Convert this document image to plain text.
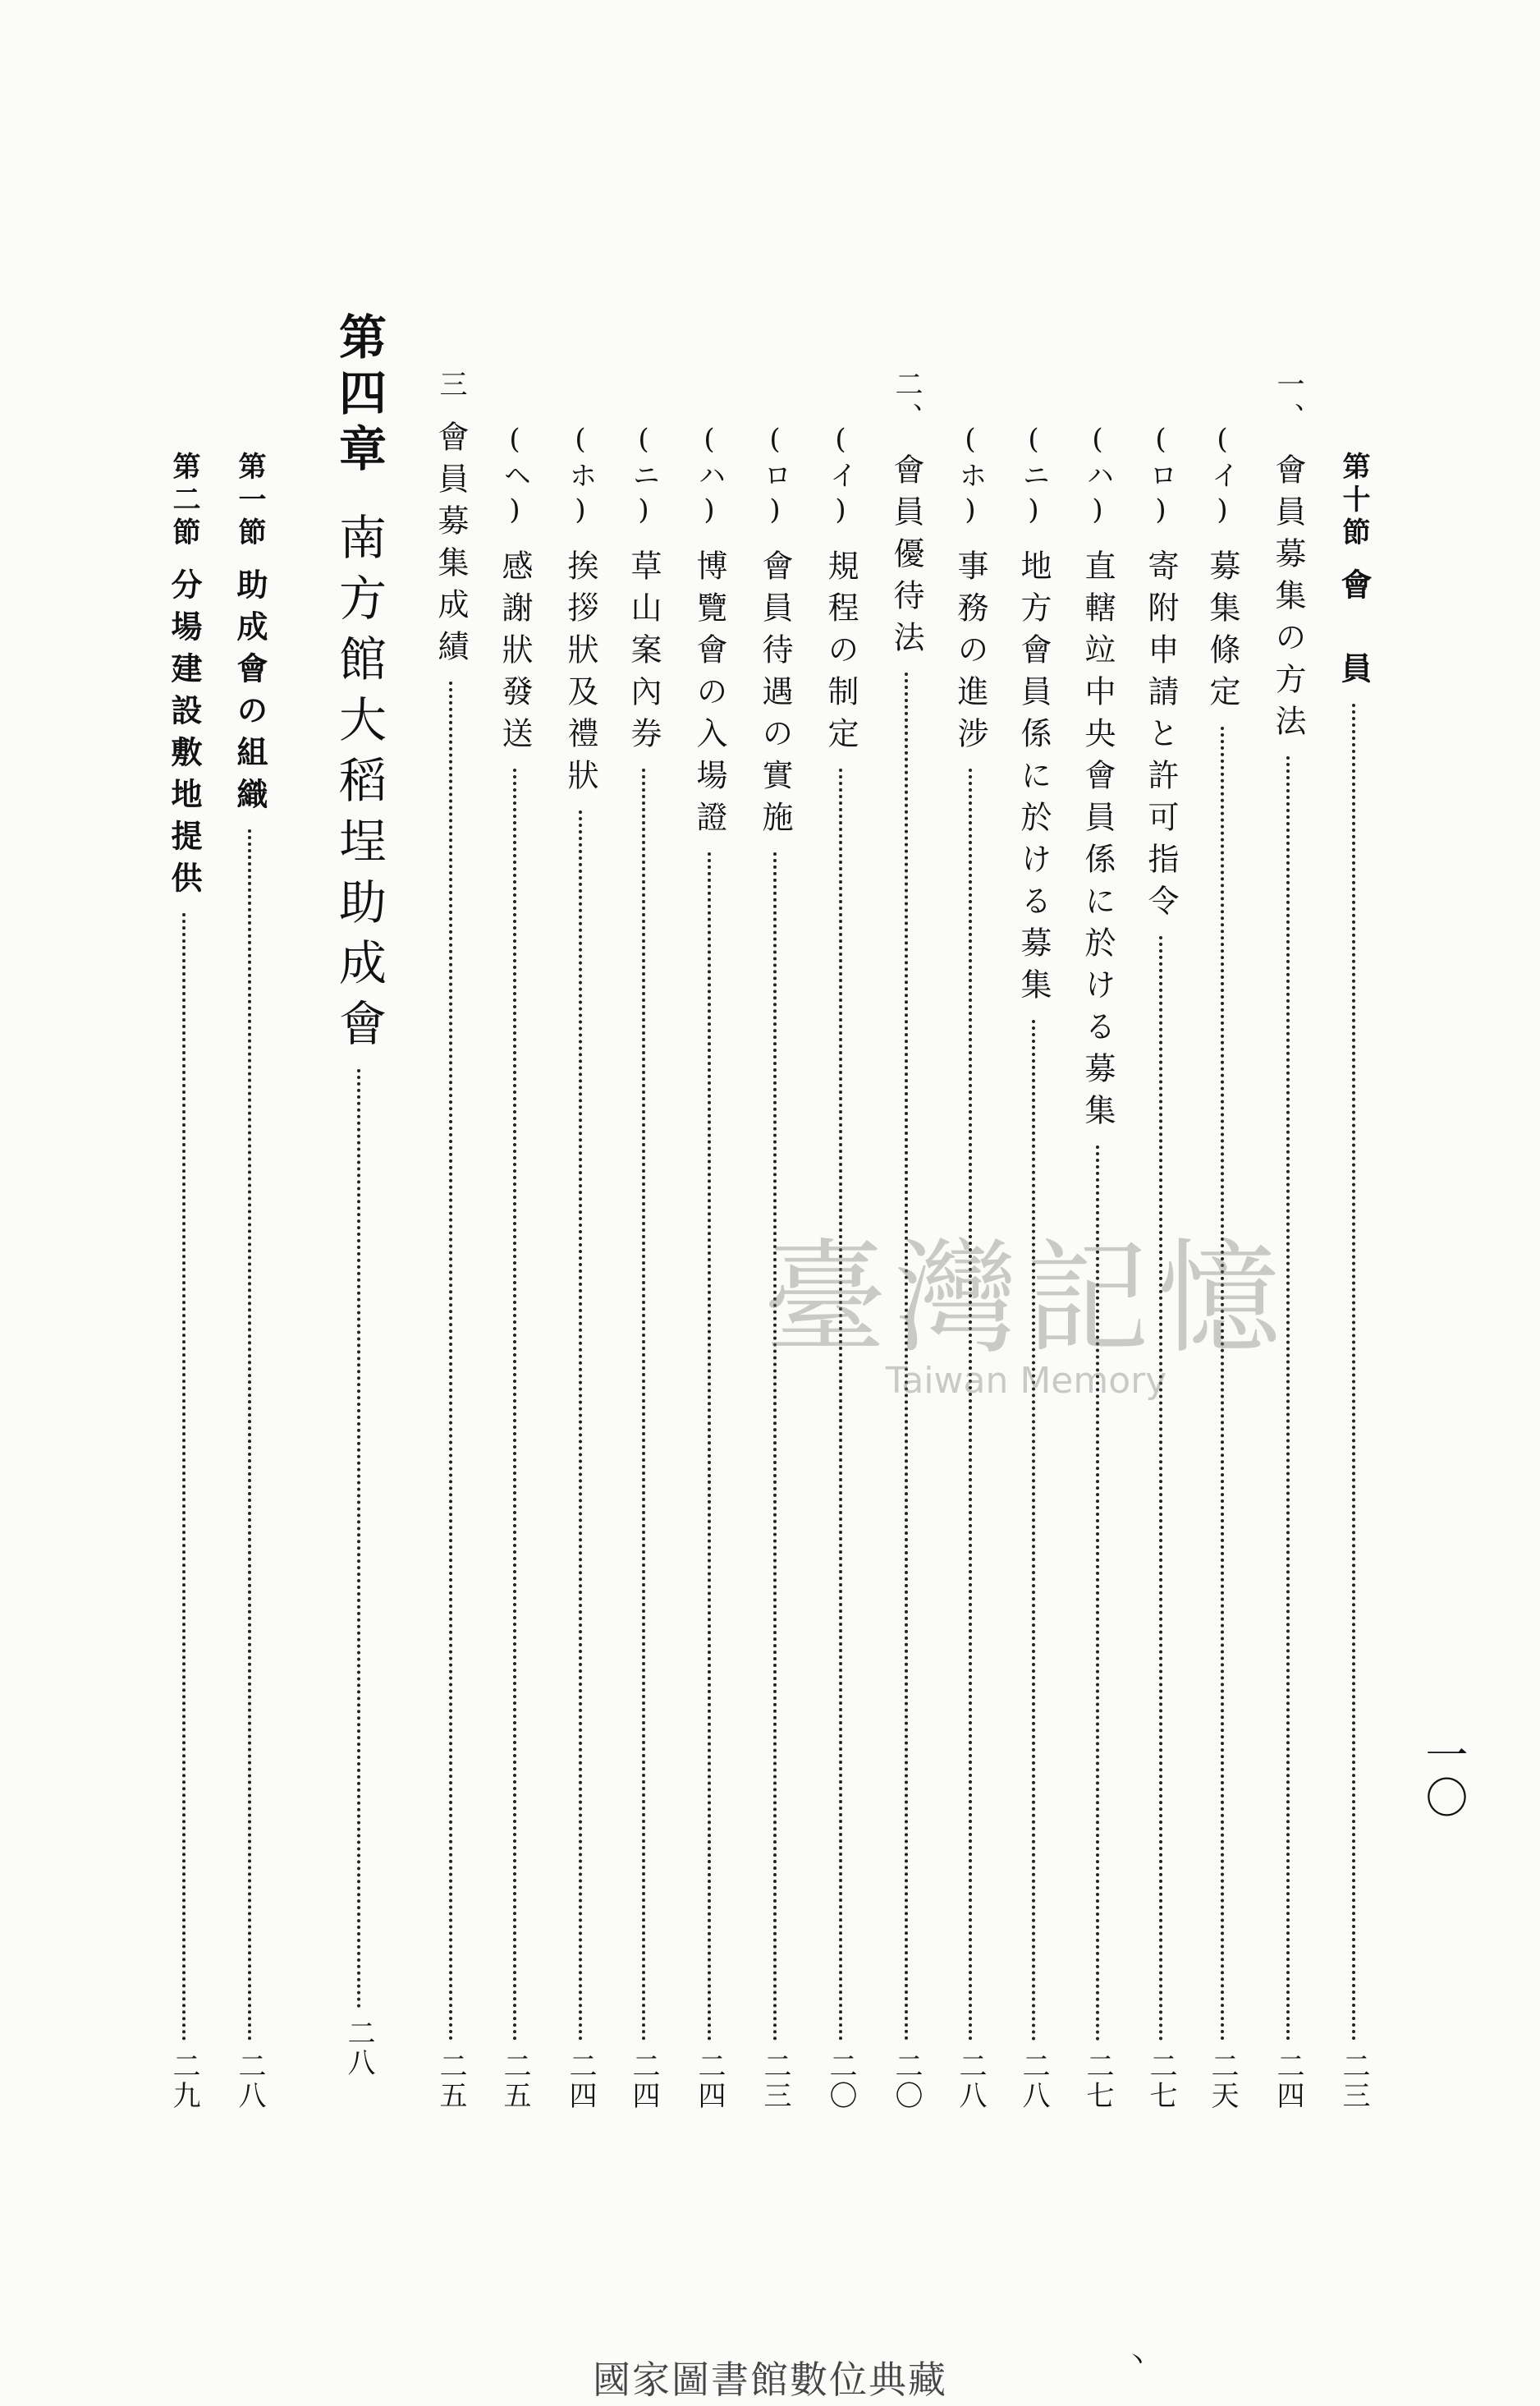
第十節
會　員
二三
一、
會員募集の方法
二四
(イ)
募集條定
二天
(ロ)
寄附申請と許可指令
二七
(ハ)
直轄竝中央會員係に於ける募集
二七
(ニ)
地方會員係に於ける募集
二八
(ホ)
事務の進涉
二八
二、
會員優待法
二〇
(イ)
規程の制定
二〇
(ロ)
會員待遇の實施
二三
(ハ)
博覽會の入場證
二四
(ニ)
草山案內券
二四
(ホ)
挨拶狀及禮狀
二四
(ヘ)
感謝狀發送
二五
三
會員募集成績
二五
第四章
南方館大稻埕助成會
二八
第一節
助成會の組織
二八
第二節
分場建設敷地提供
二九
一〇
臺灣記憶
Taiwan Memory
丶
國家圖書館數位典藏
